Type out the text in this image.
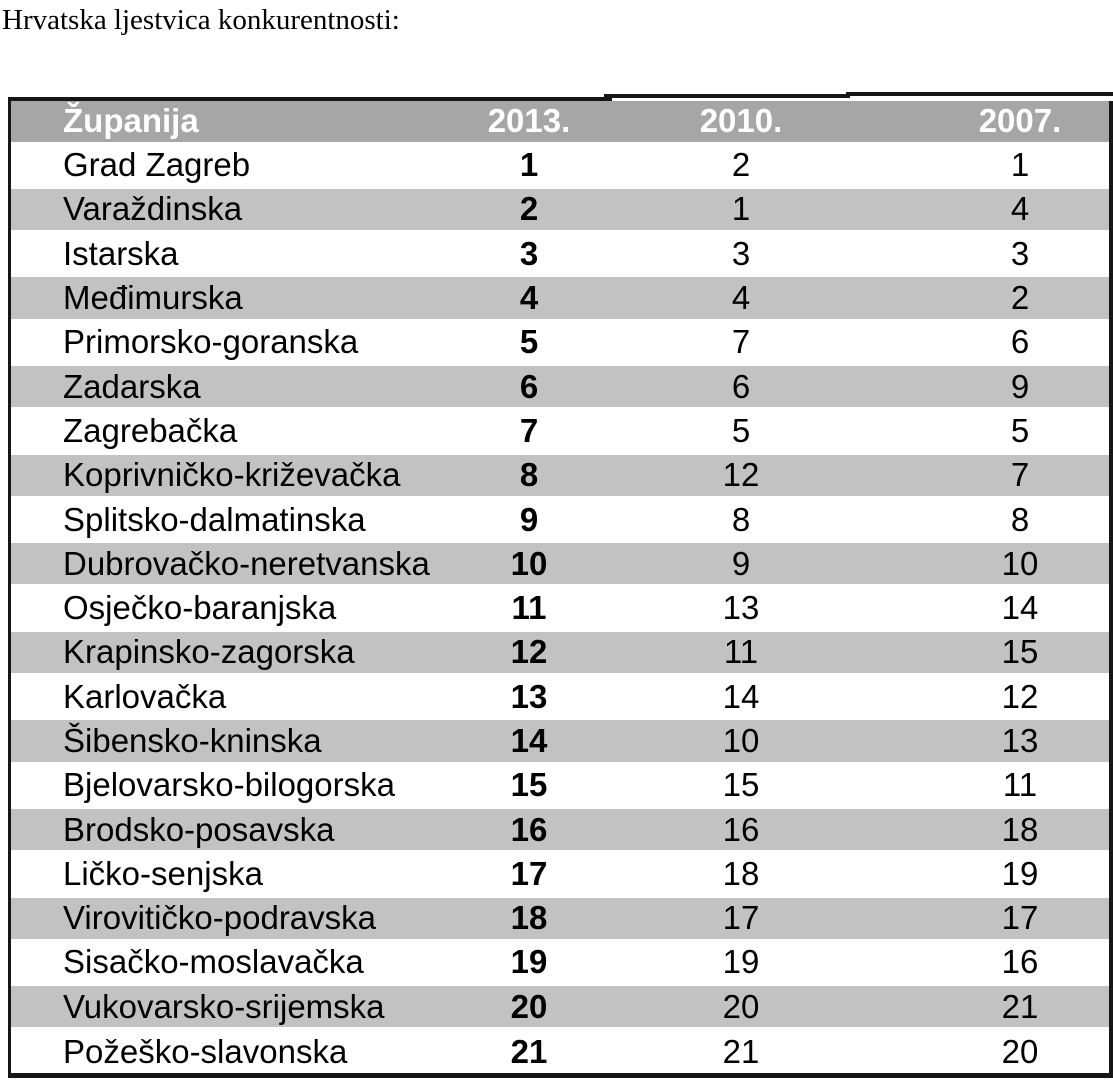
Hrvatska ljestvica konkurentnosti:
Županija	2013.	2010.	2007.
Grad Zagreb	1	2	1
Varaždinska	2	1	4
Istarska	3	3	3
Međimurska	4	4	2
Primorsko-goranska	5	7	6
Zadarska	6	6	9
Zagrebačka	7	5	5
Koprivničko-križevačka	8	12	7
Splitsko-dalmatinska	9	8	8
Dubrovačko-neretvanska	10	9	10
Osječko-baranjska	11	13	14
Krapinsko-zagorska	12	11	15
Karlovačka	13	14	12
Šibensko-kninska	14	10	13
Bjelovarsko-bilogorska	15	15	11
Brodsko-posavska	16	16	18
Ličko-senjska	17	18	19
Virovitičko-podravska	18	17	17
Sisačko-moslavačka	19	19	16
Vukovarsko-srijemska	20	20	21
Požeško-slavonska	21	21	20
